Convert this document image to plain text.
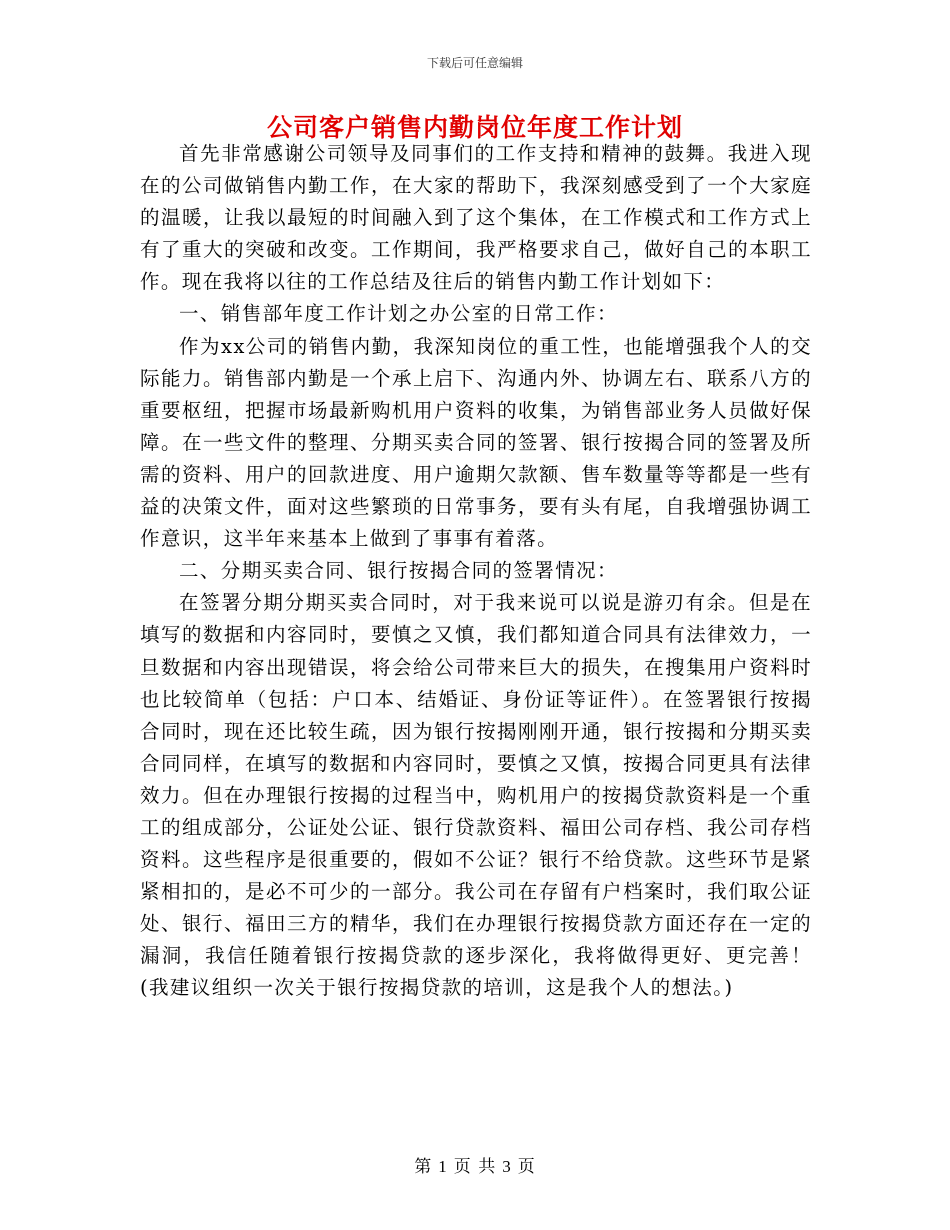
下载后可任意编辑
公司客户销售内勤岗位年度工作计划

首先非常感谢公司领导及同事们的工作支持和精神的鼓舞。我进入现在的公司做销售内勤工作，在大家的帮助下，我深刻感受到了一个大家庭的温暖，让我以最短的时间融入到了这个集体，在工作模式和工作方式上有了重大的突破和改变。工作期间，我严格要求自己，做好自己的本职工作。现在我将以往的工作总结及往后的销售内勤工作计划如下：

一、销售部年度工作计划之办公室的日常工作：

作为xx公司的销售内勤，我深知岗位的重工性，也能增强我个人的交际能力。销售部内勤是一个承上启下、沟通内外、协调左右、联系八方的重要枢纽，把握市场最新购机用户资料的收集，为销售部业务人员做好保障。在一些文件的整理、分期买卖合同的签署、银行按揭合同的签署及所需的资料、用户的回款进度、用户逾期欠款额、售车数量等等都是一些有益的决策文件，面对这些繁琐的日常事务，要有头有尾，自我增强协调工作意识，这半年来基本上做到了事事有着落。

二、分期买卖合同、银行按揭合同的签署情况：

在签署分期分期买卖合同时，对于我来说可以说是游刃有余。但是在填写的数据和内容同时，要慎之又慎，我们都知道合同具有法律效力，一旦数据和内容出现错误，将会给公司带来巨大的损失，在搜集用户资料时也比较简单（包括：户口本、结婚证、身份证等证件）。在签署银行按揭合同时，现在还比较生疏，因为银行按揭刚刚开通，银行按揭和分期买卖合同同样，在填写的数据和内容同时，要慎之又慎，按揭合同更具有法律效力。但在办理银行按揭的过程当中，购机用户的按揭贷款资料是一个重工的组成部分，公证处公证、银行贷款资料、福田公司存档、我公司存档资料。这些程序是很重要的，假如不公证？银行不给贷款。这些环节是紧紧相扣的，是必不可少的一部分。我公司在存留有户档案时，我们取公证处、银行、福田三方的精华，我们在办理银行按揭贷款方面还存在一定的漏洞，我信任随着银行按揭贷款的逐步深化，我将做得更好、更完善！(我建议组织一次关于银行按揭贷款的培训，这是我个人的想法。)

第 1 页 共 3 页
